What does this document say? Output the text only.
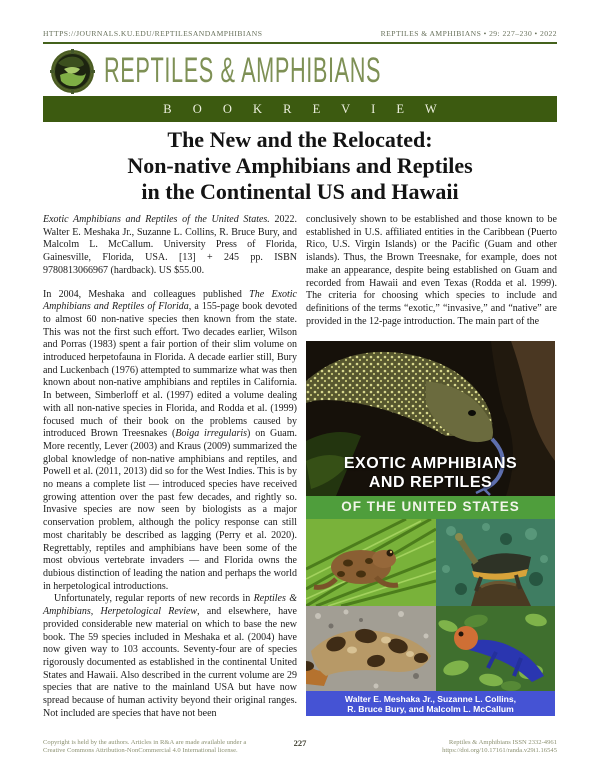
HTTPS://JOURNALS.KU.EDU/REPTILESANDAMPHIBIANS	REPTILES & AMPHIBIANS • 29: 227–230 • 2022
REPTILES & AMPHIBIANS
B O O K R E V I E W
The New and the Relocated:
Non-native Amphibians and Reptiles
in the Continental US and Hawaii

Exotic Amphibians and Reptiles of the United States. 2022. Walter E. Meshaka Jr., Suzanne L. Collins, R. Bruce Bury, and Malcolm L. McCallum. University Press of Florida, Gainesville, Florida, USA. [13] + 245 pp. ISBN 9780813066967 (hardback). US $55.00.

In 2004, Meshaka and colleagues published The Exotic Amphibians and Reptiles of Florida, a 155-page book devoted to almost 60 non-native species then known from the state. This was not the first such effort. Two decades earlier, Wilson and Porras (1983) spent a fair portion of their slim volume on introduced herpetofauna in Florida. A decade earlier still, Bury and Luckenbach (1976) attempted to summarize what was then known about non-native amphibians and reptiles in California. In between, Simberloff et al. (1997) edited a volume dealing with all non-native species in Florida, and Rodda et al. (1999) focused much of their book on the problems caused by introduced Brown Treesnakes (Boiga irregularis) on Guam. More recently, Lever (2003) and Kraus (2009) summarized the global knowledge of non-native amphibians and reptiles, and Powell et al. (2011, 2013) did so for the West Indies. This is by no means a complete list — introduced species have received growing attention over the past few decades, and rightly so. Invasive species are now seen by biologists as a major conservation problem, although the policy response can still most charitably be described as lagging (Perry et al. 2020). Regrettably, reptiles and amphibians have been some of the most obvious vertebrate invaders — and Florida owns the dubious distinction of leading the nation and perhaps the world in herpetological introductions.

Unfortunately, regular reports of new records in Reptiles & Amphibians, Herpetological Review, and elsewhere, have provided considerable new material on which to base the new book. The 59 species included in Meshaka et al. (2004) have now given way to 103 accounts. Seventy-four are of species rigorously documented as established in the continental United States and Hawaii. Also described in the current volume are 29 species that are native to the mainland USA but have now spread because of human activity beyond their original ranges. Not included are species that have not been

conclusively shown to be established and those known to be established in U.S. affiliated entities in the Caribbean (Puerto Rico, U.S. Virgin Islands) or the Pacific (Guam and other islands). Thus, the Brown Treesnake, for example, does not make an appearance, despite being established on Guam and recorded from Hawaii and even Texas (Rodda et al. 1999). The criteria for choosing which species to include and definitions of the terms “exotic,” “invasive,” and “native” are provided in the 12-page introduction. The main part of the

EXOTIC AMPHIBIANS
AND REPTILES
OF THE UNITED STATES
Walter E. Meshaka Jr., Suzanne L. Collins,
R. Bruce Bury, and Malcolm L. McCallum
Copyright is held by the authors. Articles in R&A are made available under a
Creative Commons Attribution-NonCommercial 4.0 International license.
227	Reptiles & Amphibians ISSN 2332-4961
https://doi.org/10.17161/randa.v29i1.16545
